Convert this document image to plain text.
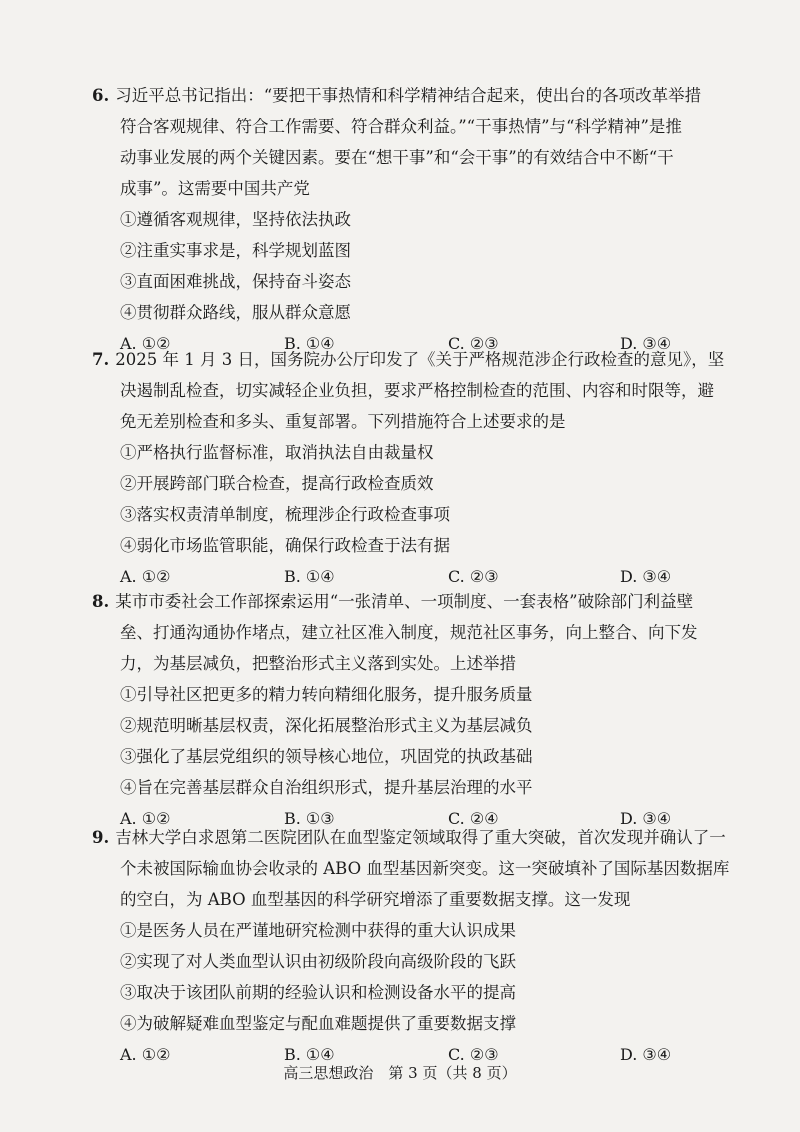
6. 习近平总书记指出：“要把干事热情和科学精神结合起来，使出台的各项改革举措
符合客观规律、符合工作需要、符合群众利益。”“干事热情”与“科学精神”是推
动事业发展的两个关键因素。要在“想干事”和“会干事”的有效结合中不断“干
成事”。这需要中国共产党

①遵循客观规律，坚持依法执政
②注重实事求是，科学规划蓝图
③直面困难挑战，保持奋斗姿态
④贯彻群众路线，服从群众意愿
A. ①②	B. ①④	C. ②③	D. ③④

7. 2025 年 1 月 3 日，国务院办公厅印发了《关于严格规范涉企行政检查的意见》，坚
决遏制乱检查，切实减轻企业负担，要求严格控制检查的范围、内容和时限等，避
免无差别检查和多头、重复部署。下列措施符合上述要求的是

①严格执行监督标准，取消执法自由裁量权
②开展跨部门联合检查，提高行政检查质效
③落实权责清单制度，梳理涉企行政检查事项
④弱化市场监管职能，确保行政检查于法有据
A. ①②	B. ①④	C. ②③	D. ③④

8. 某市市委社会工作部探索运用“一张清单、一项制度、一套表格”破除部门利益壁
垒、打通沟通协作堵点，建立社区准入制度，规范社区事务，向上整合、向下发
力，为基层减负，把整治形式主义落到实处。上述举措

①引导社区把更多的精力转向精细化服务，提升服务质量
②规范明晰基层权责，深化拓展整治形式主义为基层减负
③强化了基层党组织的领导核心地位，巩固党的执政基础
④旨在完善基层群众自治组织形式，提升基层治理的水平
A. ①②	B. ①③	C. ②④	D. ③④

9. 吉林大学白求恩第二医院团队在血型鉴定领域取得了重大突破，首次发现并确认了一
个未被国际输血协会收录的 ABO 血型基因新突变。这一突破填补了国际基因数据库
的空白，为 ABO 血型基因的科学研究增添了重要数据支撑。这一发现

①是医务人员在严谨地研究检测中获得的重大认识成果
②实现了对人类血型认识由初级阶段向高级阶段的飞跃
③取决于该团队前期的经验认识和检测设备水平的提高
④为破解疑难血型鉴定与配血难题提供了重要数据支撑
A. ①②	B. ①④	C. ②③	D. ③④
高三思想政治　第 3 页（共 8 页）
